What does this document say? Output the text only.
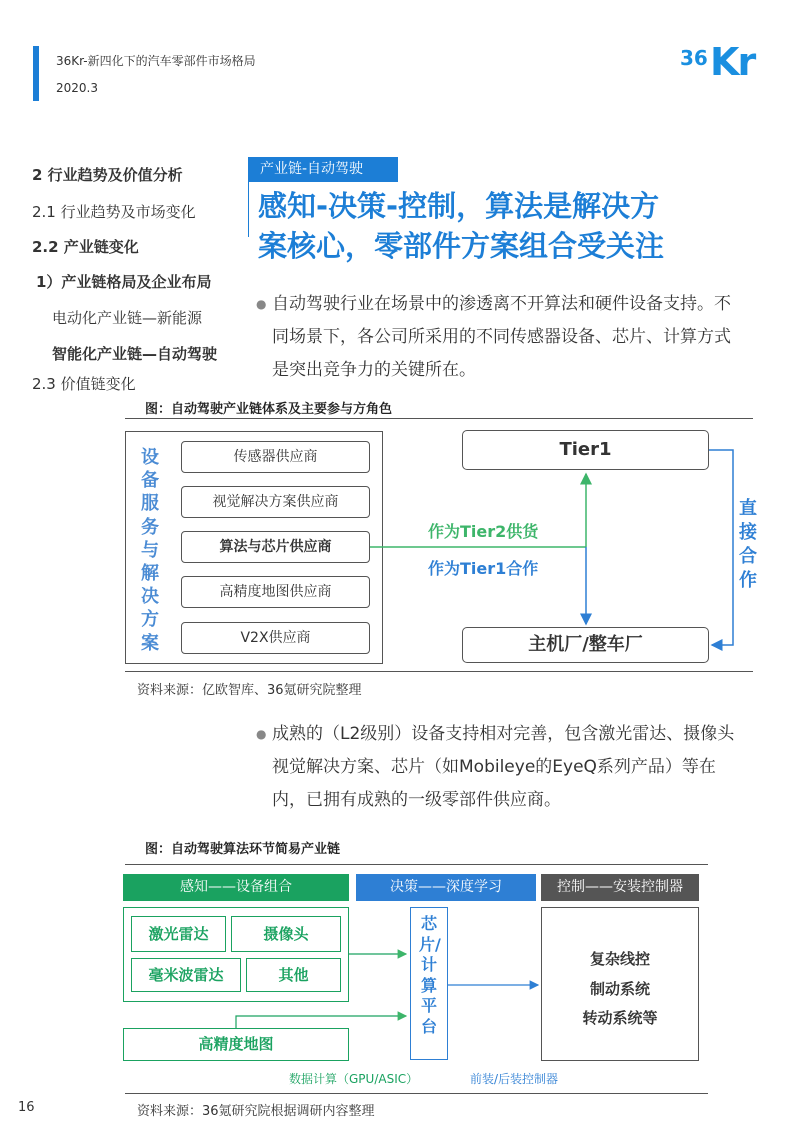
36Kr-新四化下的汽车零部件市场格局
2020.3
36 Kr
2 行业趋势及价值分析
2.1 行业趋势及市场变化
2.2 产业链变化
1）产业链格局及企业布局
电动化产业链—新能源
智能化产业链—自动驾驶
2.3 价值链变化
产业链-自动驾驶
感知-决策-控制，算法是解决方
案核心，零部件方案组合受关注
● 自动驾驶行业在场景中的渗透离不开算法和硬件设备支持。不同场景下，各公司所采用的不同传感器设备、芯片、计算方式是突出竞争力的关键所在。
图：自动驾驶产业链体系及主要参与方角色
设备服务与解决方案
传感器供应商
视觉解决方案供应商
算法与芯片供应商
高精度地图供应商
V2X供应商
Tier1
主机厂/整车厂
作为Tier2供货
作为Tier1合作
直接合作
资料来源：亿欧智库、36氪研究院整理
● 成熟的（L2级别）设备支持相对完善，包含激光雷达、摄像头视觉解决方案、芯片（如Mobileye的EyeQ系列产品）等在内，已拥有成熟的一级零部件供应商。
图：自动驾驶算法环节简易产业链
感知——设备组合	决策——深度学习	控制——安装控制器
激光雷达	摄像头
毫米波雷达	其他
高精度地图
芯片/计算平台
复杂线控
制动系统
转动系统等
数据计算（GPU/ASIC）	前装/后装控制器
资料来源：36氪研究院根据调研内容整理
16
